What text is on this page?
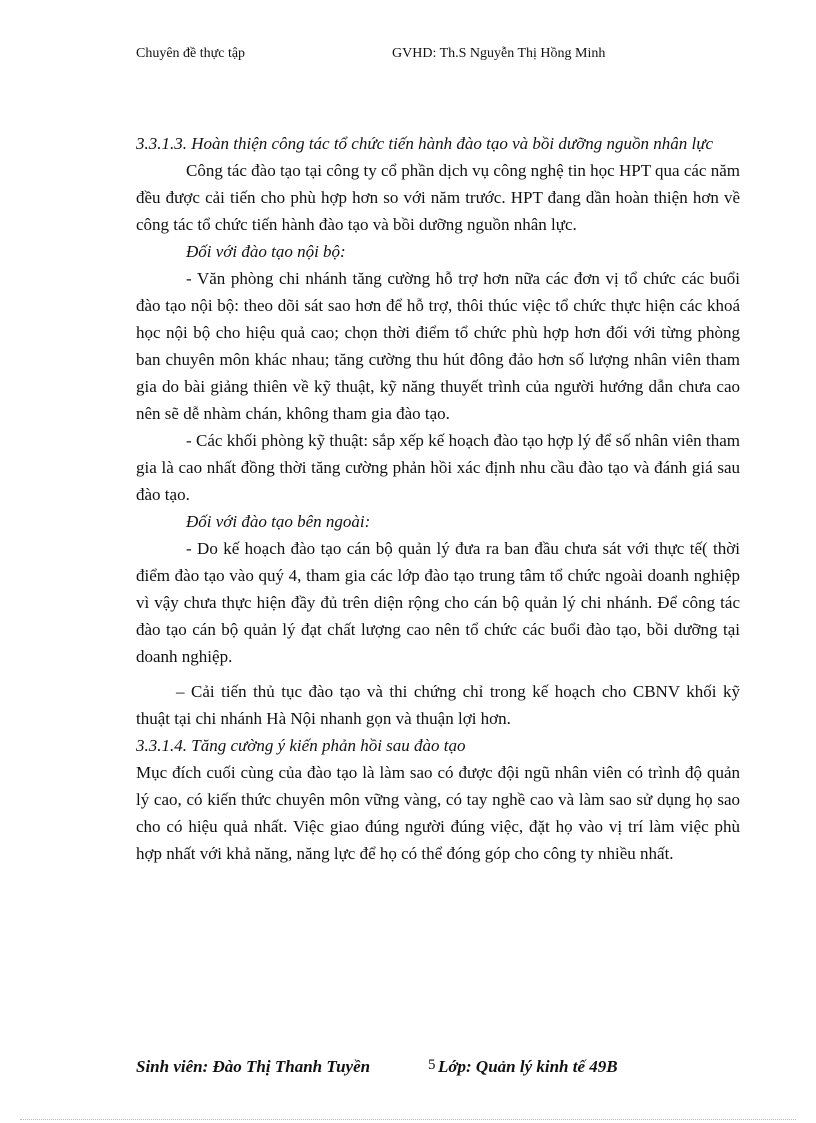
Chuyên đề thực tập	GVHD: Th.S Nguyễn Thị Hồng Minh

3.3.1.3. Hoàn thiện công tác tổ chức tiến hành đào tạo và bồi dưỡng nguồn nhân lực

Công tác đào tạo tại công ty cổ phần dịch vụ công nghệ tin học HPT qua các năm đều được cải tiến cho phù hợp hơn so với năm trước. HPT đang dần hoàn thiện hơn về công tác tổ chức tiến hành đào tạo và bồi dưỡng nguồn nhân lực.

Đối với đào tạo nội bộ:

- Văn phòng chi nhánh tăng cường hỗ trợ hơn nữa các đơn vị tổ chức các buổi đào tạo nội bộ: theo dõi sát sao hơn để hỗ trợ, thôi thúc việc tổ chức thực hiện các khoá học nội bộ cho hiệu quả cao; chọn thời điểm tổ chức phù hợp hơn đối với từng phòng ban chuyên môn khác nhau; tăng cường thu hút đông đảo hơn số lượng nhân viên tham gia do bài giảng thiên về kỹ thuật, kỹ năng thuyết trình của người hướng dẫn chưa cao nên sẽ dễ nhàm chán, không tham gia đào tạo.

- Các khối phòng kỹ thuật: sắp xếp kế hoạch đào tạo hợp lý để số nhân viên tham gia là cao nhất đồng thời tăng cường phản hồi xác định nhu cầu đào tạo và đánh giá sau đào tạo.

Đối với đào tạo bên ngoài:

- Do kế hoạch đào tạo cán bộ quản lý đưa ra ban đầu chưa sát với thực tế( thời điểm đào tạo vào quý 4, tham gia các lớp đào tạo trung tâm tổ chức ngoài doanh nghiệp vì vậy chưa thực hiện đầy đủ trên diện rộng cho cán bộ quản lý chi nhánh. Để công tác đào tạo cán bộ quản lý đạt chất lượng cao nên tổ chức các buổi đào tạo, bồi dưỡng tại doanh nghiệp.

– Cải tiến thủ tục đào tạo và thi chứng chỉ trong kế hoạch cho CBNV khối kỹ thuật tại chi nhánh Hà Nội nhanh gọn và thuận lợi hơn.

3.3.1.4. Tăng cường ý kiến phản hồi sau đào tạo

Mục đích cuối cùng của đào tạo là làm sao có được đội ngũ nhân viên có trình độ quản lý cao, có kiến thức chuyên môn vững vàng, có tay nghề cao và làm sao sử dụng họ sao cho có hiệu quả nhất. Việc giao đúng người đúng việc, đặt họ vào vị trí làm việc phù hợp nhất với khả năng, năng lực để họ có thể đóng góp cho công ty nhiều nhất.

Sinh viên: Đào Thị Thanh Tuyền	5 Lớp: Quản lý kinh tế 49B
